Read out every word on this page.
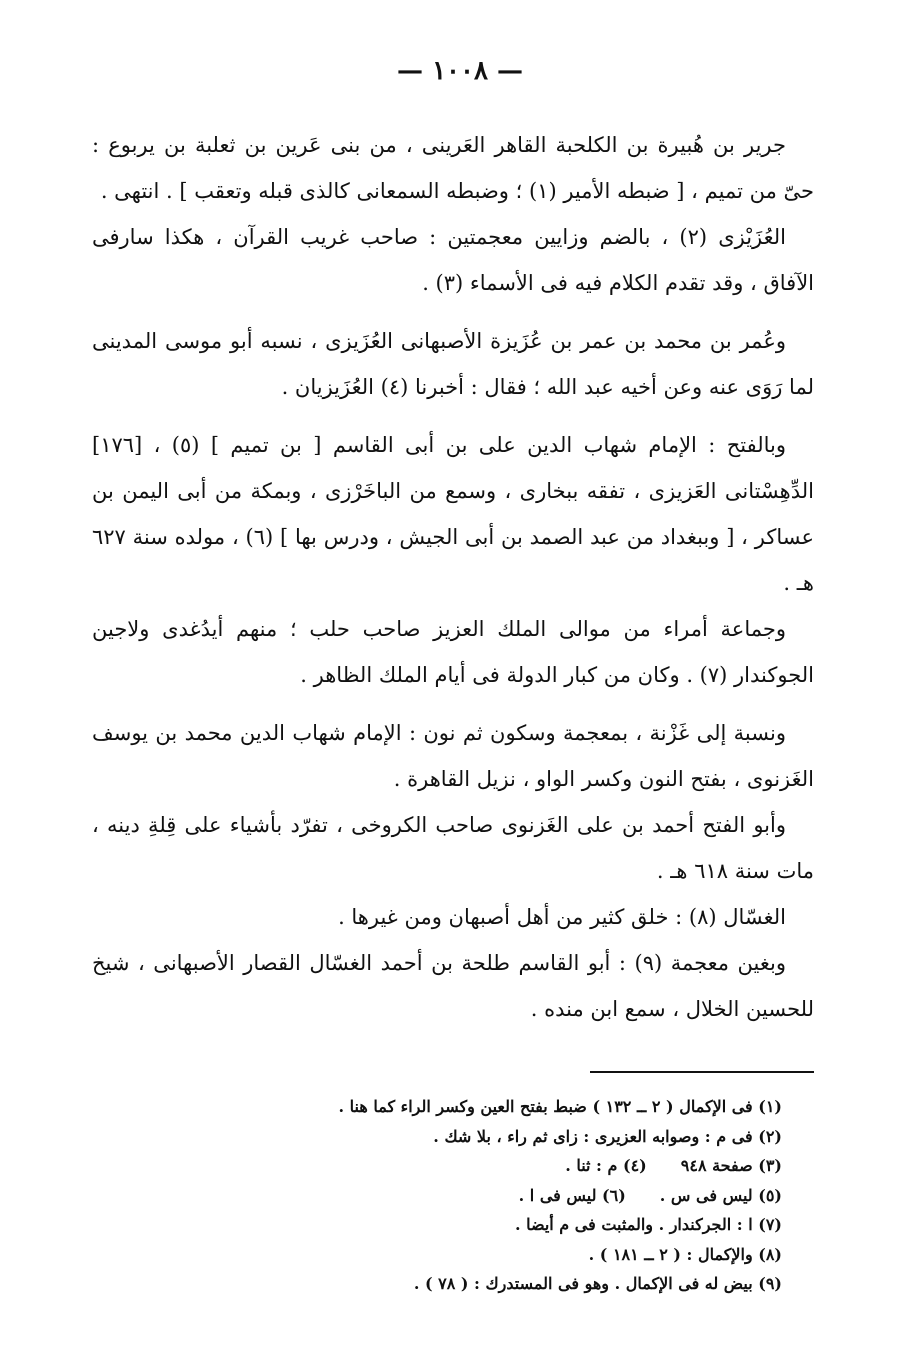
— ١٠٠٨ —

جرير بن هُبيرة بن الكلحبة القاهر العَرينى ، من بنى عَرين بن ثعلبة بن يربوع : حىّ من تميم ، [ ضبطه الأمير (١) ؛ وضبطه السمعانى كالذى قبله وتعقب ] . انتهى .

العُزَيْزى (٢) ، بالضم وزايين معجمتين : صاحب غريب القرآن ، هكذا سارفى الآفاق ، وقد تقدم الكلام فيه فى الأسماء (٣) .

وعُمر بن محمد بن عمر بن عُزَيزة الأصبهانى العُزَيزى ، نسبه أبو موسى المدينى لما رَوَى عنه وعن أخيه عبد الله ؛ فقال : أخبرنا (٤) العُزَيزيان .

وبالفتح : الإمام شهاب الدين على بن أبى القاسم [ بن تميم ] (٥) ، [١٧٦] الدِّهِسْتانى العَزيزى ، تفقه ببخارى ، وسمع من الباخَرْزى ، وبمكة من أبى اليمن بن عساكر ، [ وببغداد من عبد الصمد بن أبى الجيش ، ودرس بها ] (٦) ، مولده سنة ٦٢٧ هـ .

وجماعة أمراء من موالى الملك العزيز صاحب حلب ؛ منهم أيدُغدى ولاجين الجوكندار (٧) . وكان من كبار الدولة فى أيام الملك الظاهر .

ونسبة إلى غَزْنة ، بمعجمة وسكون ثم نون : الإمام شهاب الدين محمد بن يوسف الغَزنوى ، بفتح النون وكسر الواو ، نزيل القاهرة .

وأبو الفتح أحمد بن على الغَزنوى صاحب الكروخى ، تفرّد بأشياء على قِلةِ دينه ، مات سنة ٦١٨ هـ .

الغسّال (٨) : خلق كثير من أهل أصبهان ومن غيرها .

وبغين معجمة (٩) : أبو القاسم طلحة بن أحمد الغسّال القصار الأصبهانى ، شيخ للحسين الخلال ، سمع ابن منده .

(١) فى الإكمال ( ٢ ــ ١٣٢ ) ضبط بفتح العين وكسر الراء كما هنا .
(٢) فى م : وصوابه العزيرى : زاى ثم راء ، بلا شك .
(٣) صفحة ٩٤٨(٤) م : ثنا .
(٥) ليس فى س .(٦) ليس فى ا .
(٧) ا : الجركندار . والمثبت فى م أيضا .
(٨) والإكمال : ( ٢ ــ ١٨١ ) .
(٩) بيض له فى الإكمال . وهو فى المستدرك : ( ٧٨ ) .
